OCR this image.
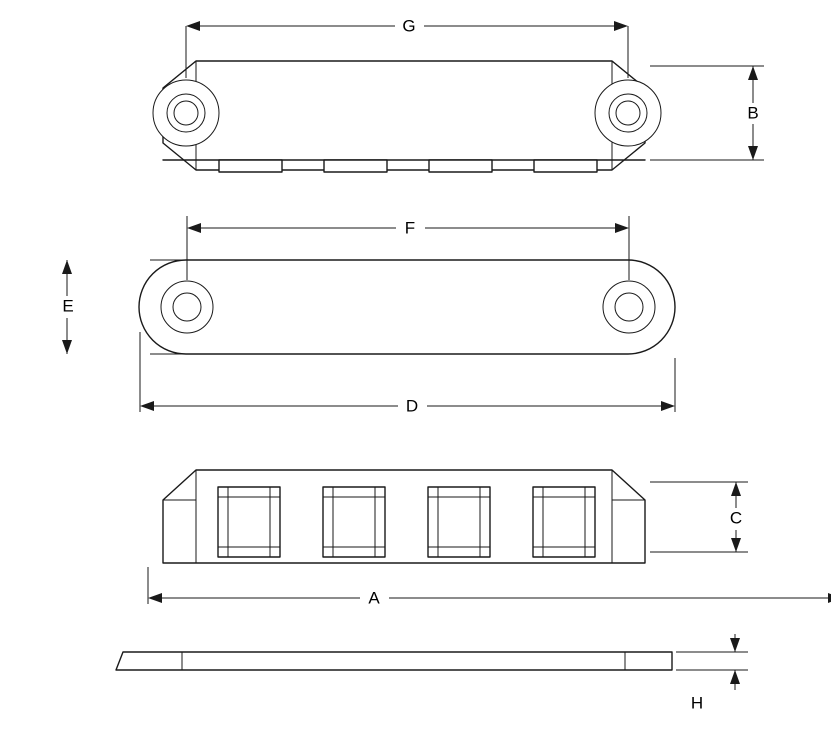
G
B
F
E
D
C
A
H
